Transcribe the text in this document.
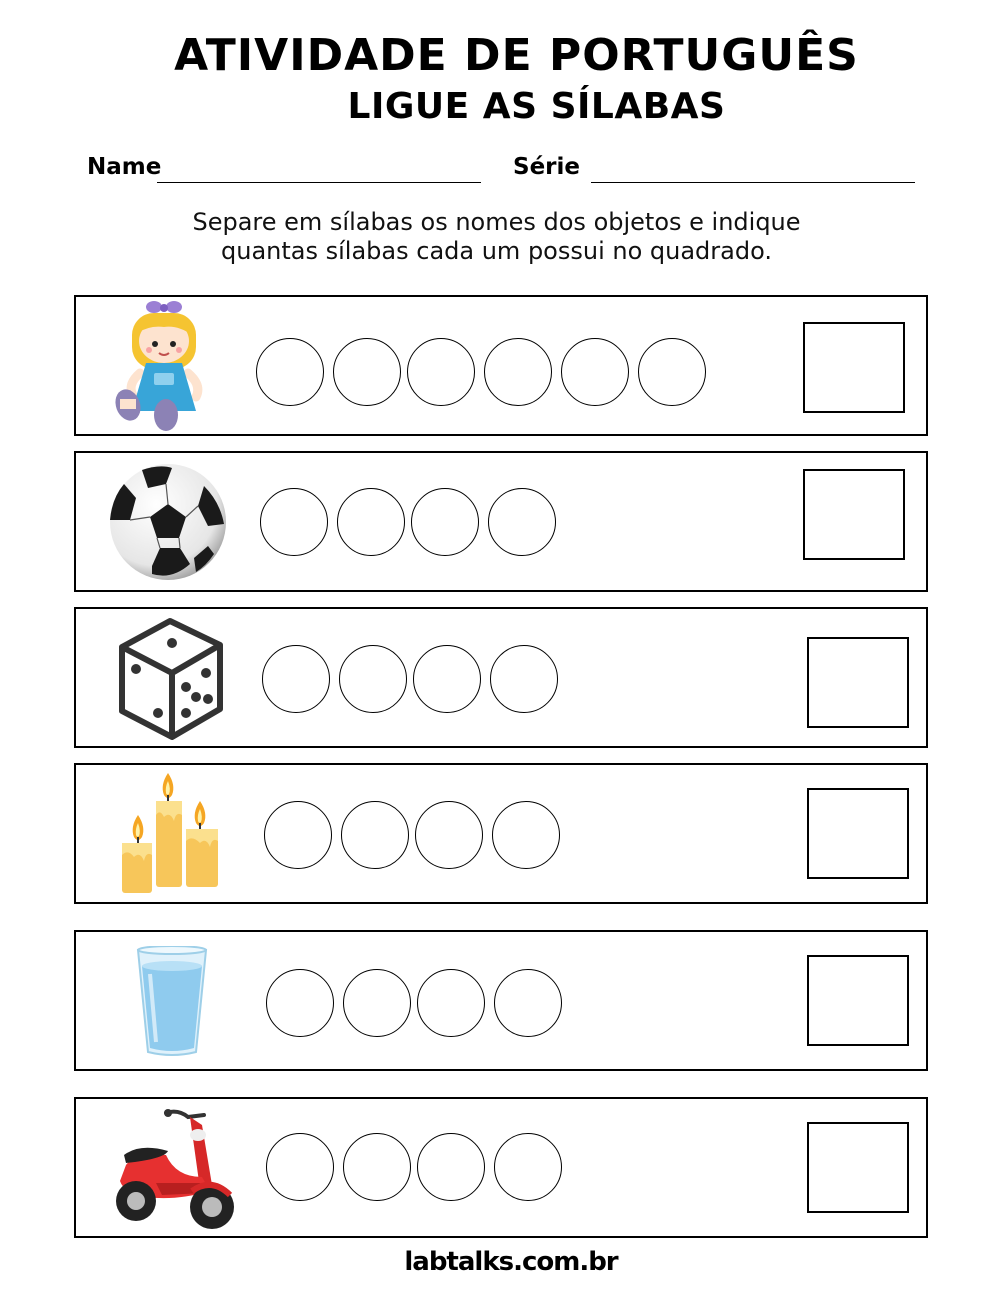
ATIVIDADE DE PORTUGUÊS
LIGUE AS SÍLABAS
Name	Série
Separe em sílabas os nomes dos objetos e indique
quantas sílabas cada um possui no quadrado.
labtalks.com.br
